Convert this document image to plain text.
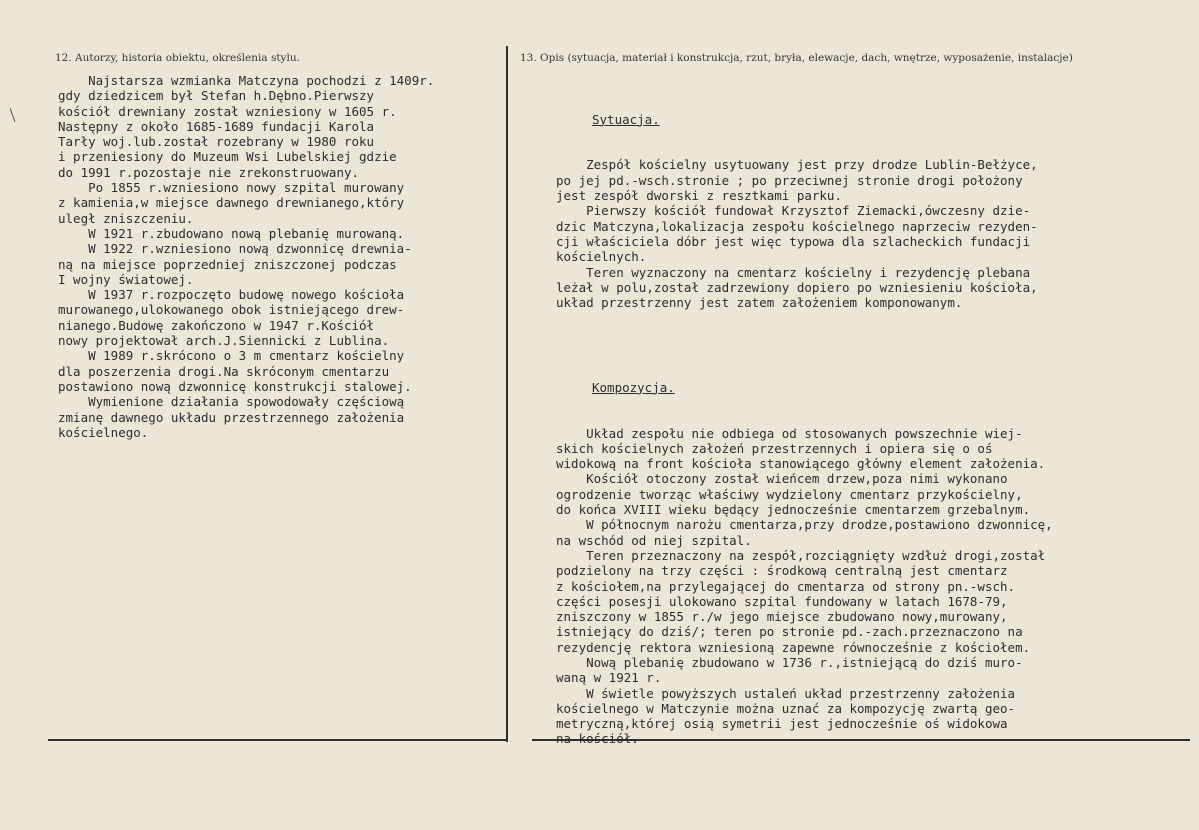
12. Autorzy, historia obiektu, określenia stylu.	13. Opis (sytuacja, materiał i konstrukcja, rzut, bryła, elewacje, dach, wnętrze, wyposażenie, instalacje)
Najstarsza wzmianka Matczyna pochodzi z 1409r.
gdy dziedzicem był Stefan h.Dębno.Pierwszy
kościół drewniany został wzniesiony w 1605 r.
Następny z około 1685-1689 fundacji Karola
Tarły woj.lub.został rozebrany w 1980 roku
i przeniesiony do Muzeum Wsi Lubelskiej gdzie
do 1991 r.pozostaje nie zrekonstruowany.
Po 1855 r.wzniesiono nowy szpital murowany
z kamienia,w miejsce dawnego drewnianego,który
uległ zniszczeniu.
W 1921 r.zbudowano nową plebanię murowaną.
W 1922 r.wzniesiono nową dzwonnicę drewnia-
ną na miejsce poprzedniej zniszczonej podczas
I wojny światowej.
W 1937 r.rozpoczęto budowę nowego kościoła
murowanego,ulokowanego obok istniejącego drew-
nianego.Budowę zakończono w 1947 r.Kościół
nowy projektował arch.J.Siennicki z Lublina.
W 1989 r.skrócono o 3 m cmentarz kościelny
dla poszerzenia drogi.Na skróconym cmentarzu
postawiono nową dzwonnicę konstrukcji stalowej.
Wymienione działania spowodowały częściową
zmianę dawnego układu przestrzennego założenia
kościelnego.

Sytuacja.

Zespół kościelny usytuowany jest przy drodze Lublin-Bełżyce,
po jej pd.-wsch.stronie ; po przeciwnej stronie drogi położony
jest zespół dworski z resztkami parku.
Pierwszy kościół fundował Krzysztof Ziemacki,ówczesny dzie-
dzic Matczyna,lokalizacja zespołu kościelnego naprzeciw rezyden-
cji właściciela dóbr jest więc typowa dla szlacheckich fundacji
kościelnych.
Teren wyznaczony na cmentarz kościelny i rezydencję plebana
leżał w polu,został zadrzewiony dopiero po wzniesieniu kościoła,
układ przestrzenny jest zatem założeniem komponowanym.

Kompozycja.

Układ zespołu nie odbiega od stosowanych powszechnie wiej-
skich kościelnych założeń przestrzennych i opiera się o oś
widokową na front kościoła stanowiącego główny element założenia.
Kościół otoczony został wieńcem drzew,poza nimi wykonano
ogrodzenie tworząc właściwy wydzielony cmentarz przykościelny,
do końca XVIII wieku będący jednocześnie cmentarzem grzebalnym.
W północnym narożu cmentarza,przy drodze,postawiono dzwonnicę,
na wschód od niej szpital.
Teren przeznaczony na zespół,rozciągnięty wzdłuż drogi,został
podzielony na trzy części : środkową centralną jest cmentarz
z kościołem,na przylegającej do cmentarza od strony pn.-wsch.
części posesji ulokowano szpital fundowany w latach 1678-79,
zniszczony w 1855 r./w jego miejsce zbudowano nowy,murowany,
istniejący do dziś/; teren po stronie pd.-zach.przeznaczono na
rezydencję rektora wzniesioną zapewne równocześnie z kościołem.
Nową plebanię zbudowano w 1736 r.,istniejącą do dziś muro-
waną w 1921 r.
W świetle powyższych ustaleń układ przestrzenny założenia
kościelnego w Matczynie można uznać za kompozycję zwartą geo-
metryczną,której osią symetrii jest jednocześnie oś widokowa
na kościół.
